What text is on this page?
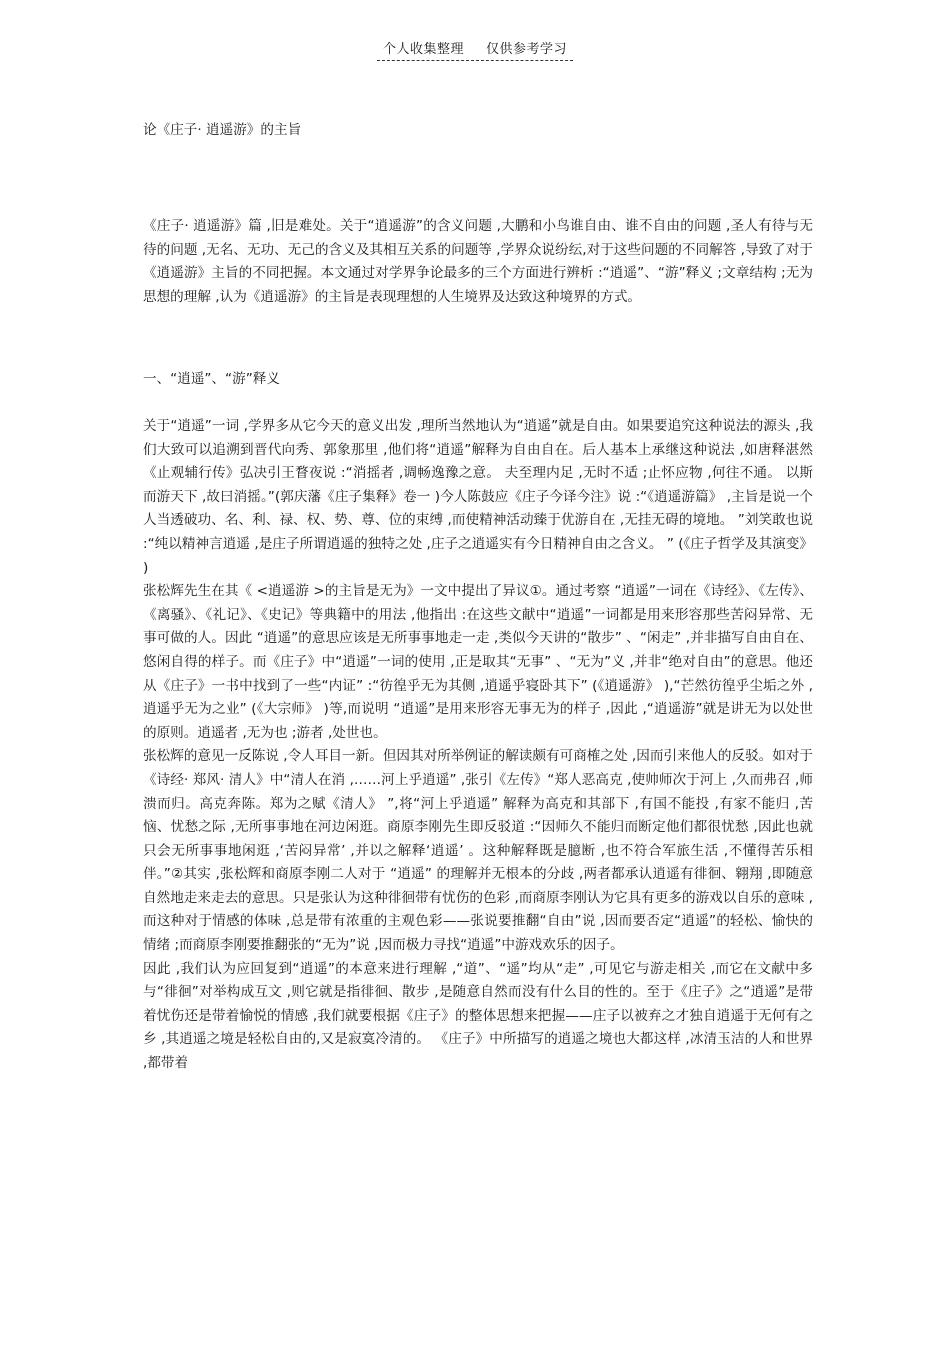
个人收集整理 仅供参考学习
论《庄子· 逍遥游》的主旨

《庄子· 逍遥游》篇 ,旧是难处。关于“逍遥游”的含义问题 ,大鹏和小鸟谁自由、谁不自由的问题 ,圣人有待与无待的问题 ,无名、无功、无己的含义及其相互关系的问题等 ,学界众说纷纭,对于这些问题的不同解答 ,导致了对于《逍遥游》主旨的不同把握。本文通过对学界争论最多的三个方面进行辨析 :“逍遥”、“游”释义 ;文章结构 ;无为思想的理解 ,认为《逍遥游》的主旨是表现理想的人生境界及达致这种境界的方式。

一、“逍遥”、“游”释义

关于“逍遥”一词 ,学界多从它今天的意义出发 ,理所当然地认为“逍遥”就是自由。如果要追究这种说法的源头 ,我们大致可以追溯到晋代向秀、郭象那里 ,他们将“逍遥”解释为自由自在。后人基本上承继这种说法 ,如唐释湛然《止观辅行传》弘决引王瞀夜说 :“消摇者 ,调畅逸豫之意。 夫至理内足 ,无时不适 ;止怀应物 ,何往不通。 以斯而游天下 ,故曰消摇。”(郭庆藩《庄子集释》卷一 )今人陈鼓应《庄子今译今注》说 :“《逍遥游篇》 ,主旨是说一个人当透破功、名、利、禄、权、势、尊、位的束缚 ,而使精神活动臻于优游自在 ,无挂无碍的境地。 ”刘笑敢也说 :“纯以精神言逍遥 ,是庄子所谓逍遥的独特之处 ,庄子之逍遥实有今日精神自由之含义。 ” (《庄子哲学及其演变》 )

张松辉先生在其《 <逍遥游 >的主旨是无为》一文中提出了异议①。通过考察 “逍遥”一词在《诗经》、《左传》、《离骚》、《礼记》、《史记》等典籍中的用法 ,他指出 :在这些文献中“逍遥”一词都是用来形容那些苦闷异常、无事可做的人。因此 “逍遥”的意思应该是无所事事地走一走 ,类似今天讲的“散步” 、“闲走” ,并非描写自由自在、悠闲自得的样子。而《庄子》中“逍遥”一词的使用 ,正是取其“无事” 、“无为”义 ,并非“绝对自由”的意思。他还从《庄子》一书中找到了一些“内证” :“彷徨乎无为其侧 ,逍遥乎寝卧其下” (《逍遥游》 ),“芒然彷徨乎尘垢之外 ,逍遥乎无为之业” (《大宗师》 )等,而说明 “逍遥”是用来形容无事无为的样子 ,因此 ,“逍遥游”就是讲无为以处世的原则。逍遥者 ,无为也 ;游者 ,处世也。

张松辉的意见一反陈说 ,令人耳目一新。但因其对所举例证的解读颇有可商榷之处 ,因而引来他人的反驳。如对于《诗经· 郑风· 清人》中“清人在消 ,……河上乎逍遥” ,张引《左传》“郑人恶高克 ,使帅师次于河上 ,久而弗召 ,师溃而归。高克奔陈。郑为之赋《清人》 ”,将“河上乎逍遥” 解释为高克和其部下 ,有国不能投 ,有家不能归 ,苦恼、忧愁之际 ,无所事事地在河边闲逛。商原李刚先生即反驳道 :“因师久不能归而断定他们都很忧愁 ,因此也就只会无所事事地闲逛 ,‘苦闷异常’ ,并以之解释‘逍遥’ 。这种解释既是臆断 ,也不符合军旅生活 ,不懂得苦乐相伴。”②其实 ,张松辉和商原李刚二人对于 “逍遥” 的理解并无根本的分歧 ,两者都承认逍遥有徘徊、翱翔 ,即随意自然地走来走去的意思。只是张认为这种徘徊带有忧伤的色彩 ,而商原李刚认为它具有更多的游戏以自乐的意味 ,而这种对于情感的体味 ,总是带有浓重的主观色彩——张说要推翻“自由”说 ,因而要否定“逍遥”的轻松、愉快的情绪 ;而商原李刚要推翻张的“无为”说 ,因而极力寻找“逍遥”中游戏欢乐的因子。

因此 ,我们认为应回复到“逍遥”的本意来进行理解 ,“道”、“遥”均从“走” ,可见它与游走相关 ,而它在文献中多与“徘徊”对举构成互文 ,则它就是指徘徊、散步 ,是随意自然而没有什么目的性的。至于《庄子》之“逍遥”是带着忧伤还是带着愉悦的情感 ,我们就要根据《庄子》的整体思想来把握——庄子以被弃之才独自逍遥于无何有之乡 ,其逍遥之境是轻松自由的,又是寂寞冷清的。 《庄子》中所描写的逍遥之境也大都这样 ,冰清玉洁的人和世界 ,都带着
